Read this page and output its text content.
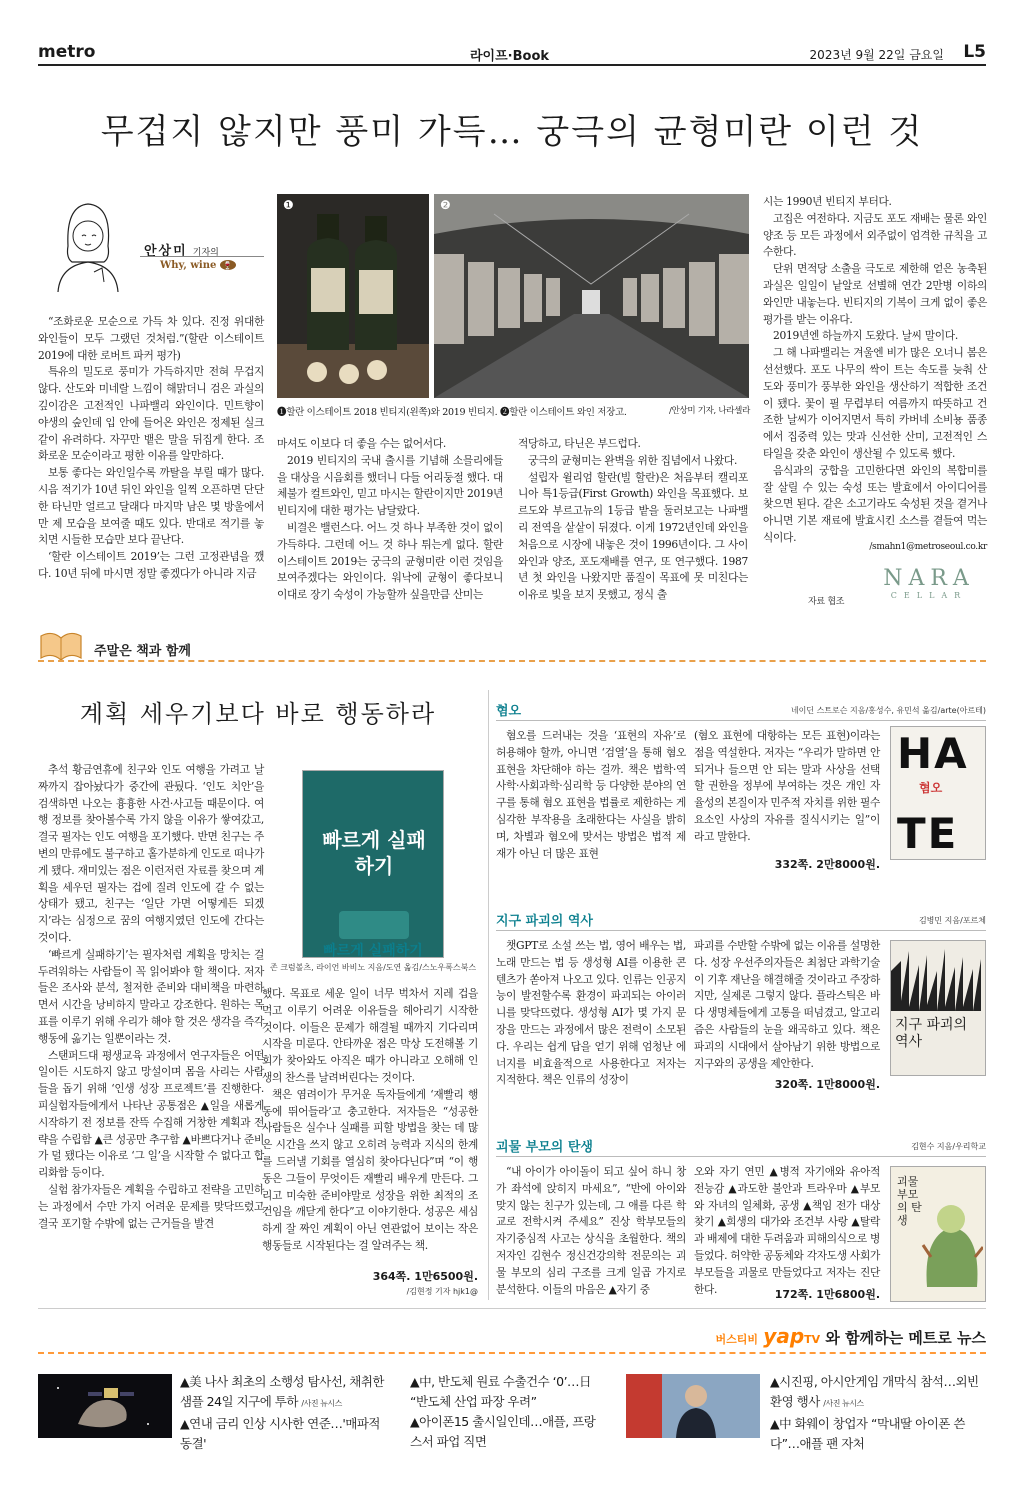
metro	라이프·Book	2023년 9월 22일 금요일 L5
무겁지 않지만 풍미 가득… 궁극의 균형미란 이런 것
안상미 기자의
Why, wine 🍷

“조화로운 모순으로 가득 차 있다. 진정 위대한 와인들이 모두 그랬던 것처럼.”(할란 이스테이트 2019에 대한 로버트 파커 평가)

특유의 밀도로 풍미가 가득하지만 전혀 무겁지 않다. 산도와 미네랄 느낌이 해맑더니 검은 과실의 깊이감은 고전적인 나파밸리 와인이다. 민트향이 야생의 숲인데 입 안에 들어온 와인은 정제된 실크같이 유려하다. 자꾸만 뱉은 말을 뒤집게 한다. 조화로운 모순이라고 평한 이유를 알만하다.

보통 좋다는 와인일수록 까탈을 부릴 때가 많다. 시음 적기가 10년 뒤인 와인을 일찍 오픈하면 단단한 타닌만 얼르고 달래다 마지막 남은 몇 방울에서만 제 모습을 보여줄 때도 있다. 반대로 적기를 놓치면 시들한 모습만 보다 끝난다.

‘할란 이스테이트 2019’는 그런 고정관념을 깼다. 10년 뒤에 마시면 정말 좋겠다가 아니라 지금

❶	❷
❶할란 이스테이트 2018 빈티지(왼쪽)와 2019 빈티지. ❷할란 이스테이트 와인 저장고.	/안상미 기자, 나라셀라

마셔도 이보다 더 좋을 수는 없어서다.

2019 빈티지의 국내 출시를 기념해 소믈리에들을 대상을 시음회를 했더니 다들 어리둥절 했다. 대체불가 컬트와인, 믿고 마시는 할란이지만 2019년 빈티지에 대한 평가는 남달랐다.

비결은 밸런스다. 어느 것 하나 부족한 것이 없이 가득하다. 그런데 어느 것 하나 튀는게 없다. 할란 이스테이트 2019는 궁극의 균형미란 이런 것임을 보여주겠다는 와인이다. 워낙에 균형이 좋다보니 이대로 장기 숙성이 가능할까 싶을만큼 산미는

적당하고, 타닌은 부드럽다.

궁극의 균형미는 완벽을 위한 집념에서 나왔다.

설립자 윌리엄 할란(빌 할란)은 처음부터 캘리포니아 특1등급(First Growth) 와인을 목표했다. 보르도와 부르고뉴의 1등급 밭을 둘러보고는 나파밸리 전역을 샅샅이 뒤졌다. 이게 1972년인데 와인을 처음으로 시장에 내놓은 것이 1996년이다. 그 사이 와인과 양조, 포도재배를 연구, 또 연구했다. 1987년 첫 와인을 나왔지만 품질이 목표에 못 미친다는 이유로 빛을 보지 못했고, 정식 출

시는 1990년 빈티지 부터다.

고집은 여전하다. 지금도 포도 재배는 물론 와인 양조 등 모든 과정에서 외주없이 엄격한 규칙을 고수한다.

단위 면적당 소출을 극도로 제한해 얻은 농축된 과실은 일일이 낱알로 선별해 연간 2만병 이하의 와인만 내놓는다. 빈티지의 기복이 크게 없이 좋은 평가를 받는 이유다.

2019년엔 하늘까지 도왔다. 날씨 말이다.

그 해 나파밸리는 겨울엔 비가 많은 오너니 봄은 선선했다. 포도 나무의 싹이 트는 속도를 늦춰 산도와 풍미가 풍부한 와인을 생산하기 적합한 조건이 됐다. 꽃이 필 무렵부터 여름까지 따뜻하고 건조한 날씨가 이어지면서 특히 카버네 소비뇽 품종에서 집중력 있는 맛과 신선한 산미, 고전적인 스타일을 갖춘 와인이 생산될 수 있도록 했다.

음식과의 궁합을 고민한다면 와인의 복합미를 잘 살릴 수 있는 숙성 또는 발효에서 아이디어를 찾으면 된다. 같은 소고기라도 숙성된 것을 곁거나 아니면 기본 재료에 발효시킨 소스를 곁들여 먹는 식이다.

/smahn1@metroseoul.co.kr
자료 협조
NARA
CELLAR
주말은 책과 함께
계획 세우기보다 바로 행동하라

추석 황금연휴에 친구와 인도 여행을 가려고 날짜까지 잡아놨다가 중간에 관뒀다. ‘인도 치안’을 검색하면 나오는 흉흉한 사건·사고들 때문이다. 여행 정보를 찾아볼수록 가지 않을 이유가 쌓여갔고, 결국 필자는 인도 여행을 포기했다. 반면 친구는 주변의 만류에도 불구하고 홀가분하게 인도로 떠나가게 됐다. 재미있는 점은 이런저런 자료를 찾으며 계획을 세우던 필자는 겁에 질려 인도에 갈 수 없는 상태가 됐고, 친구는 ‘일단 가면 어떻게든 되겠지’라는 심정으로 꿈의 여행지였던 인도에 간다는 것이다.

‘빠르게 실패하기’는 필자처럼 계획을 망치는 걸 두려워하는 사람들이 꼭 읽어봐야 할 책이다. 저자들은 조사와 분석, 철저한 준비와 대비책을 마련하면서 시간을 낭비하지 말라고 강조한다. 원하는 목표를 이루기 위해 우리가 해야 할 것은 생각을 즉각 행동에 옮기는 일뿐이라는 것.

스탠퍼드대 평생교육 과정에서 연구자들은 어떤 일이든 시도하지 않고 망설이며 몸을 사리는 사람들을 돕기 위해 ‘인생 성장 프로젝트’를 진행한다. 피실험자들에게서 나타난 공통점은 ▲일을 새롭게 시작하기 전 정보를 잔뜩 수집해 거창한 계획과 전략을 수립함 ▲큰 성공만 추구함 ▲바쁘다거나 준비가 덜 됐다는 이유로 ‘그 일’을 시작할 수 없다고 합리화함 등이다.

실험 참가자들은 계획을 수립하고 전략을 고민하는 과정에서 수만 가지 어려운 문제를 맞닥뜨렸고 결국 포기할 수밖에 없는 근거들을 발견

빠르게 실패하기
빠르게 실패하기
존 크럼볼츠, 라이언 바비노 지음/도연 옮김/스노우폭스북스

했다. 목표로 세운 일이 너무 벅차서 지레 겁을 먹고 이루기 어려운 이유들을 헤아리기 시작한 것이다. 이들은 문제가 해결될 때까지 기다리며 시작을 미룬다. 안타까운 점은 막상 도전해볼 기회가 찾아와도 아직은 때가 아니라고 오해해 인생의 찬스를 날려버린다는 것이다.

책은 염려이가 무거운 독자들에게 ‘재빨리 행동에 뛰어들라’고 충고한다. 저자들은 “성공한 사람들은 실수나 실패를 피할 방법을 찾는 데 많은 시간을 쓰지 않고 오히려 능력과 지식의 한계를 드러낼 기회를 열심히 찾아다닌다”며 “이 행동은 그들이 무엇이든 재빨리 배우게 만든다. 그리고 미숙한 준비야말로 성장을 위한 최적의 조건임을 깨닫게 한다”고 이야기한다. 성공은 세심하게 잘 짜인 계획이 아닌 연관없어 보이는 작은 행동들로 시작된다는 걸 알려주는 책.

364쪽. 1만6500원.
/김현정 기자 hjk1@
혐오	네이딘 스트로슨 지음/홍성수, 유민석 옮김/arte(아르테)

혐오를 드러내는 것을 ‘표현의 자유’로 허용해야 할까, 아니면 ‘검열’을 통해 혐오 표현을 차단해야 하는 걸까. 책은 법학·역사학·사회과학·심리학 등 다양한 분야의 연구를 통해 혐오 표현을 법률로 제한하는 게 심각한 부작용을 초래한다는 사실을 밝히며, 차별과 혐오에 맞서는 방법은 법적 제재가 아닌 더 많은 표현

(혐오 표현에 대항하는 모든 표현)이라는 점을 역설한다. 저자는 “우리가 말하면 안 되거나 들으면 안 되는 말과 사상을 선택할 권한을 정부에 부여하는 것은 개인 자율성의 본질이자 민주적 자치를 위한 필수 요소인 사상의 자유를 질식시키는 일”이라고 말한다.

332쪽. 2만8000원.
HA
혐오
TE
지구 파괴의 역사	김병민 지음/포르체

챗GPT로 소설 쓰는 법, 영어 배우는 법, 노래 만드는 법 등 생성형 AI를 이용한 콘텐츠가 쏟아져 나오고 있다. 인류는 인공지능이 발전할수록 환경이 파괴되는 아이러니를 맞닥뜨렸다. 생성형 AI가 몇 가지 문장을 만드는 과정에서 많은 전력이 소모된다. 우리는 쉽게 답을 얻기 위해 엄청난 에너지를 비효율적으로 사용한다고 저자는 지적한다. 책은 인류의 성장이

파괴를 수반할 수밖에 없는 이유를 설명한다. 성장 우선주의자들은 최첨단 과학기술이 기후 재난을 해결해줄 것이라고 주장하지만, 실제론 그렇지 않다. 플라스틱은 바다 생명체들에게 고통을 떠넘겼고, 알고리즘은 사람들의 눈을 왜곡하고 있다. 책은 파괴의 시대에서 살아남기 위한 방법으로 지구와의 공생을 제안한다.

320쪽. 1만8000원.
지구 파괴의 역사
괴물 부모의 탄생	김현수 지음/우리학교

“내 아이가 아이돌이 되고 싶어 하니 창가 좌석에 앉히지 마세요”, “반에 아이와 맞지 않는 친구가 있는데, 그 애를 다른 학교로 전학시켜 주세요” 진상 학부모들의 자기중심적 사고는 상식을 초월한다. 책의 저자인 김현수 정신건강의학 전문의는 괴물 부모의 심리 구조를 크게 일곱 가지로 분석한다. 이들의 마음은 ▲자기 중

오와 자기 연민 ▲병적 자기애와 유아적 전능감 ▲과도한 불안과 트라우마 ▲부모와 자녀의 일체화, 공생 ▲책임 전가 대상 찾기 ▲희생의 대가와 조건부 사랑 ▲탈락과 배제에 대한 두려움과 피해의식으로 병들었다. 허약한 공동체와 각자도생 사회가 부모들을 괴물로 만들었다고 저자는 진단한다.	172쪽. 1만6800원.
괴물 부모의 탄생
버스티비 yapTV 와 함께하는 메트로 뉴스
▲美 나사 최초의 소행성 탐사선, 채취한 샘플 24일 지구에 투하 /사진 뉴시스
▲연내 금리 인상 시사한 연준…'매파적 동결'
▲中, 반도체 원료 수출건수 ‘0’…日 “반도체 산업 파장 우려”
▲아이폰15 출시일인데…애플, 프랑스서 파업 직면
▲시진핑, 아시안게임 개막식 참석…외빈 환영 행사 /사진 뉴시스
▲中 화웨이 창업자 “막내딸 아이폰 쓴다”…애플 팬 자처
